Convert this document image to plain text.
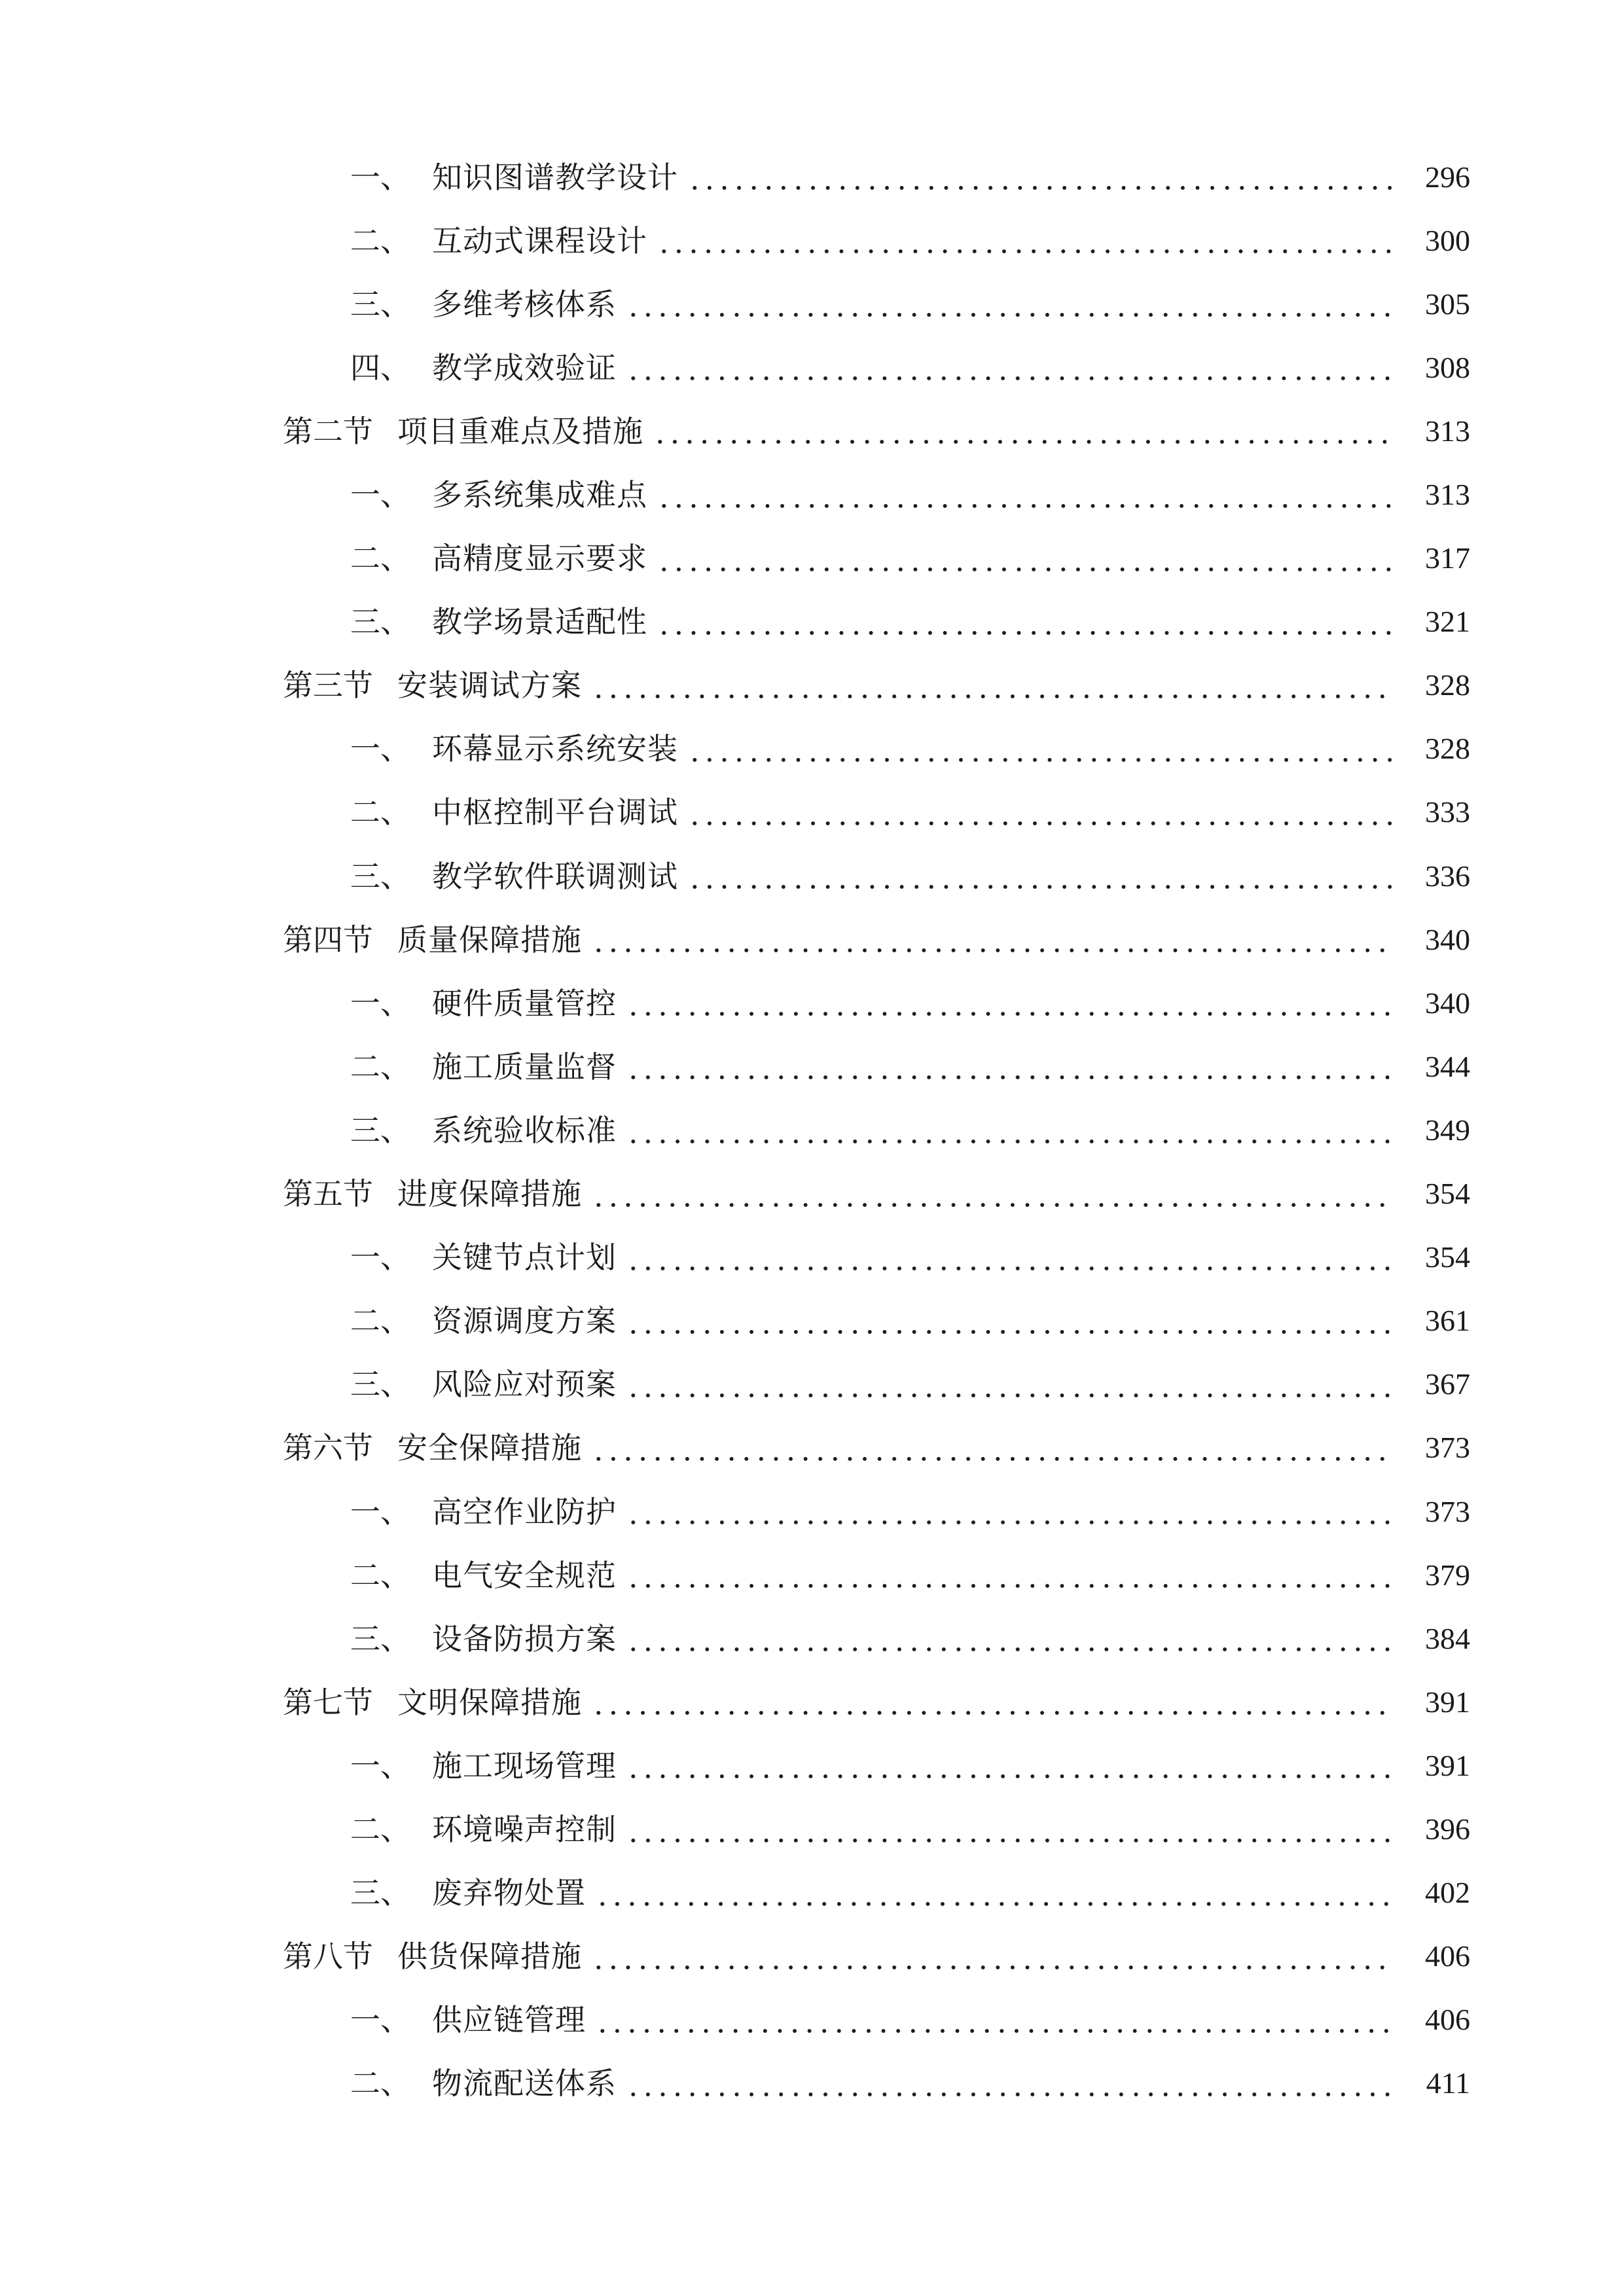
一、 知识图谱教学设计	296
二、 互动式课程设计	300
三、 多维考核体系	305
四、 教学成效验证	308
第二节 项目重难点及措施	313
一、 多系统集成难点	313
二、 高精度显示要求	317
三、 教学场景适配性	321
第三节 安装调试方案	328
一、 环幕显示系统安装	328
二、 中枢控制平台调试	333
三、 教学软件联调测试	336
第四节 质量保障措施	340
一、 硬件质量管控	340
二、 施工质量监督	344
三、 系统验收标准	349
第五节 进度保障措施	354
一、 关键节点计划	354
二、 资源调度方案	361
三、 风险应对预案	367
第六节 安全保障措施	373
一、 高空作业防护	373
二、 电气安全规范	379
三、 设备防损方案	384
第七节 文明保障措施	391
一、 施工现场管理	391
二、 环境噪声控制	396
三、 废弃物处置	402
第八节 供货保障措施	406
一、 供应链管理	406
二、 物流配送体系	411
